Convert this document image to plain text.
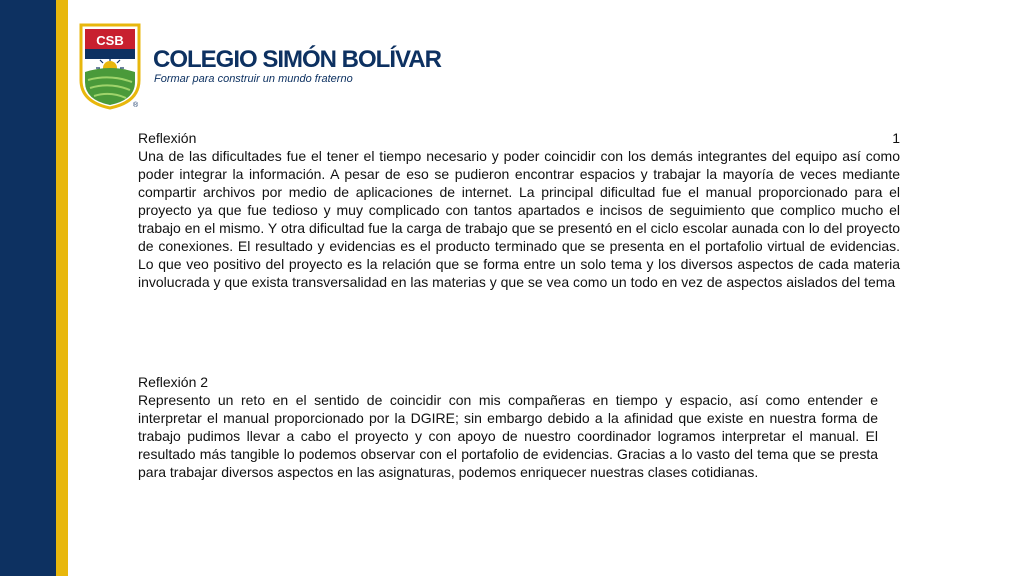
CSB
®
COLEGIO SIMÓN BOLÍVAR

Formar para construir un mundo fraterno

Reflexión	1

Una de las dificultades fue el tener el tiempo necesario y poder coincidir con los demás integrantes del equipo así como poder integrar la información. A pesar de eso se pudieron encontrar espacios y trabajar la mayoría de veces mediante compartir archivos por medio de aplicaciones de internet. La principal dificultad fue el manual proporcionado para el proyecto ya que fue tedioso y muy complicado con tantos apartados e incisos de seguimiento que complico mucho el trabajo en el mismo. Y otra dificultad fue la carga de trabajo que se presentó en el ciclo escolar aunada con lo del proyecto de conexiones. El resultado y evidencias es el producto terminado que se presenta en el portafolio virtual de evidencias. Lo que veo positivo del proyecto es la relación que se forma entre un solo tema y los diversos aspectos de cada materia involucrada y que exista transversalidad en las materias y que se vea como un todo en vez de aspectos aislados del tema

Reflexión 2

Represento un reto en el sentido de coincidir con mis compañeras en tiempo y espacio, así como entender e interpretar el manual proporcionado por la DGIRE; sin embargo debido a la afinidad que existe en nuestra forma de trabajo pudimos llevar a cabo el proyecto y con apoyo de nuestro coordinador logramos interpretar el manual. El resultado más tangible lo podemos observar con el portafolio de evidencias. Gracias a lo vasto del tema que se presta para trabajar diversos aspectos en las asignaturas, podemos enriquecer nuestras clases cotidianas.
